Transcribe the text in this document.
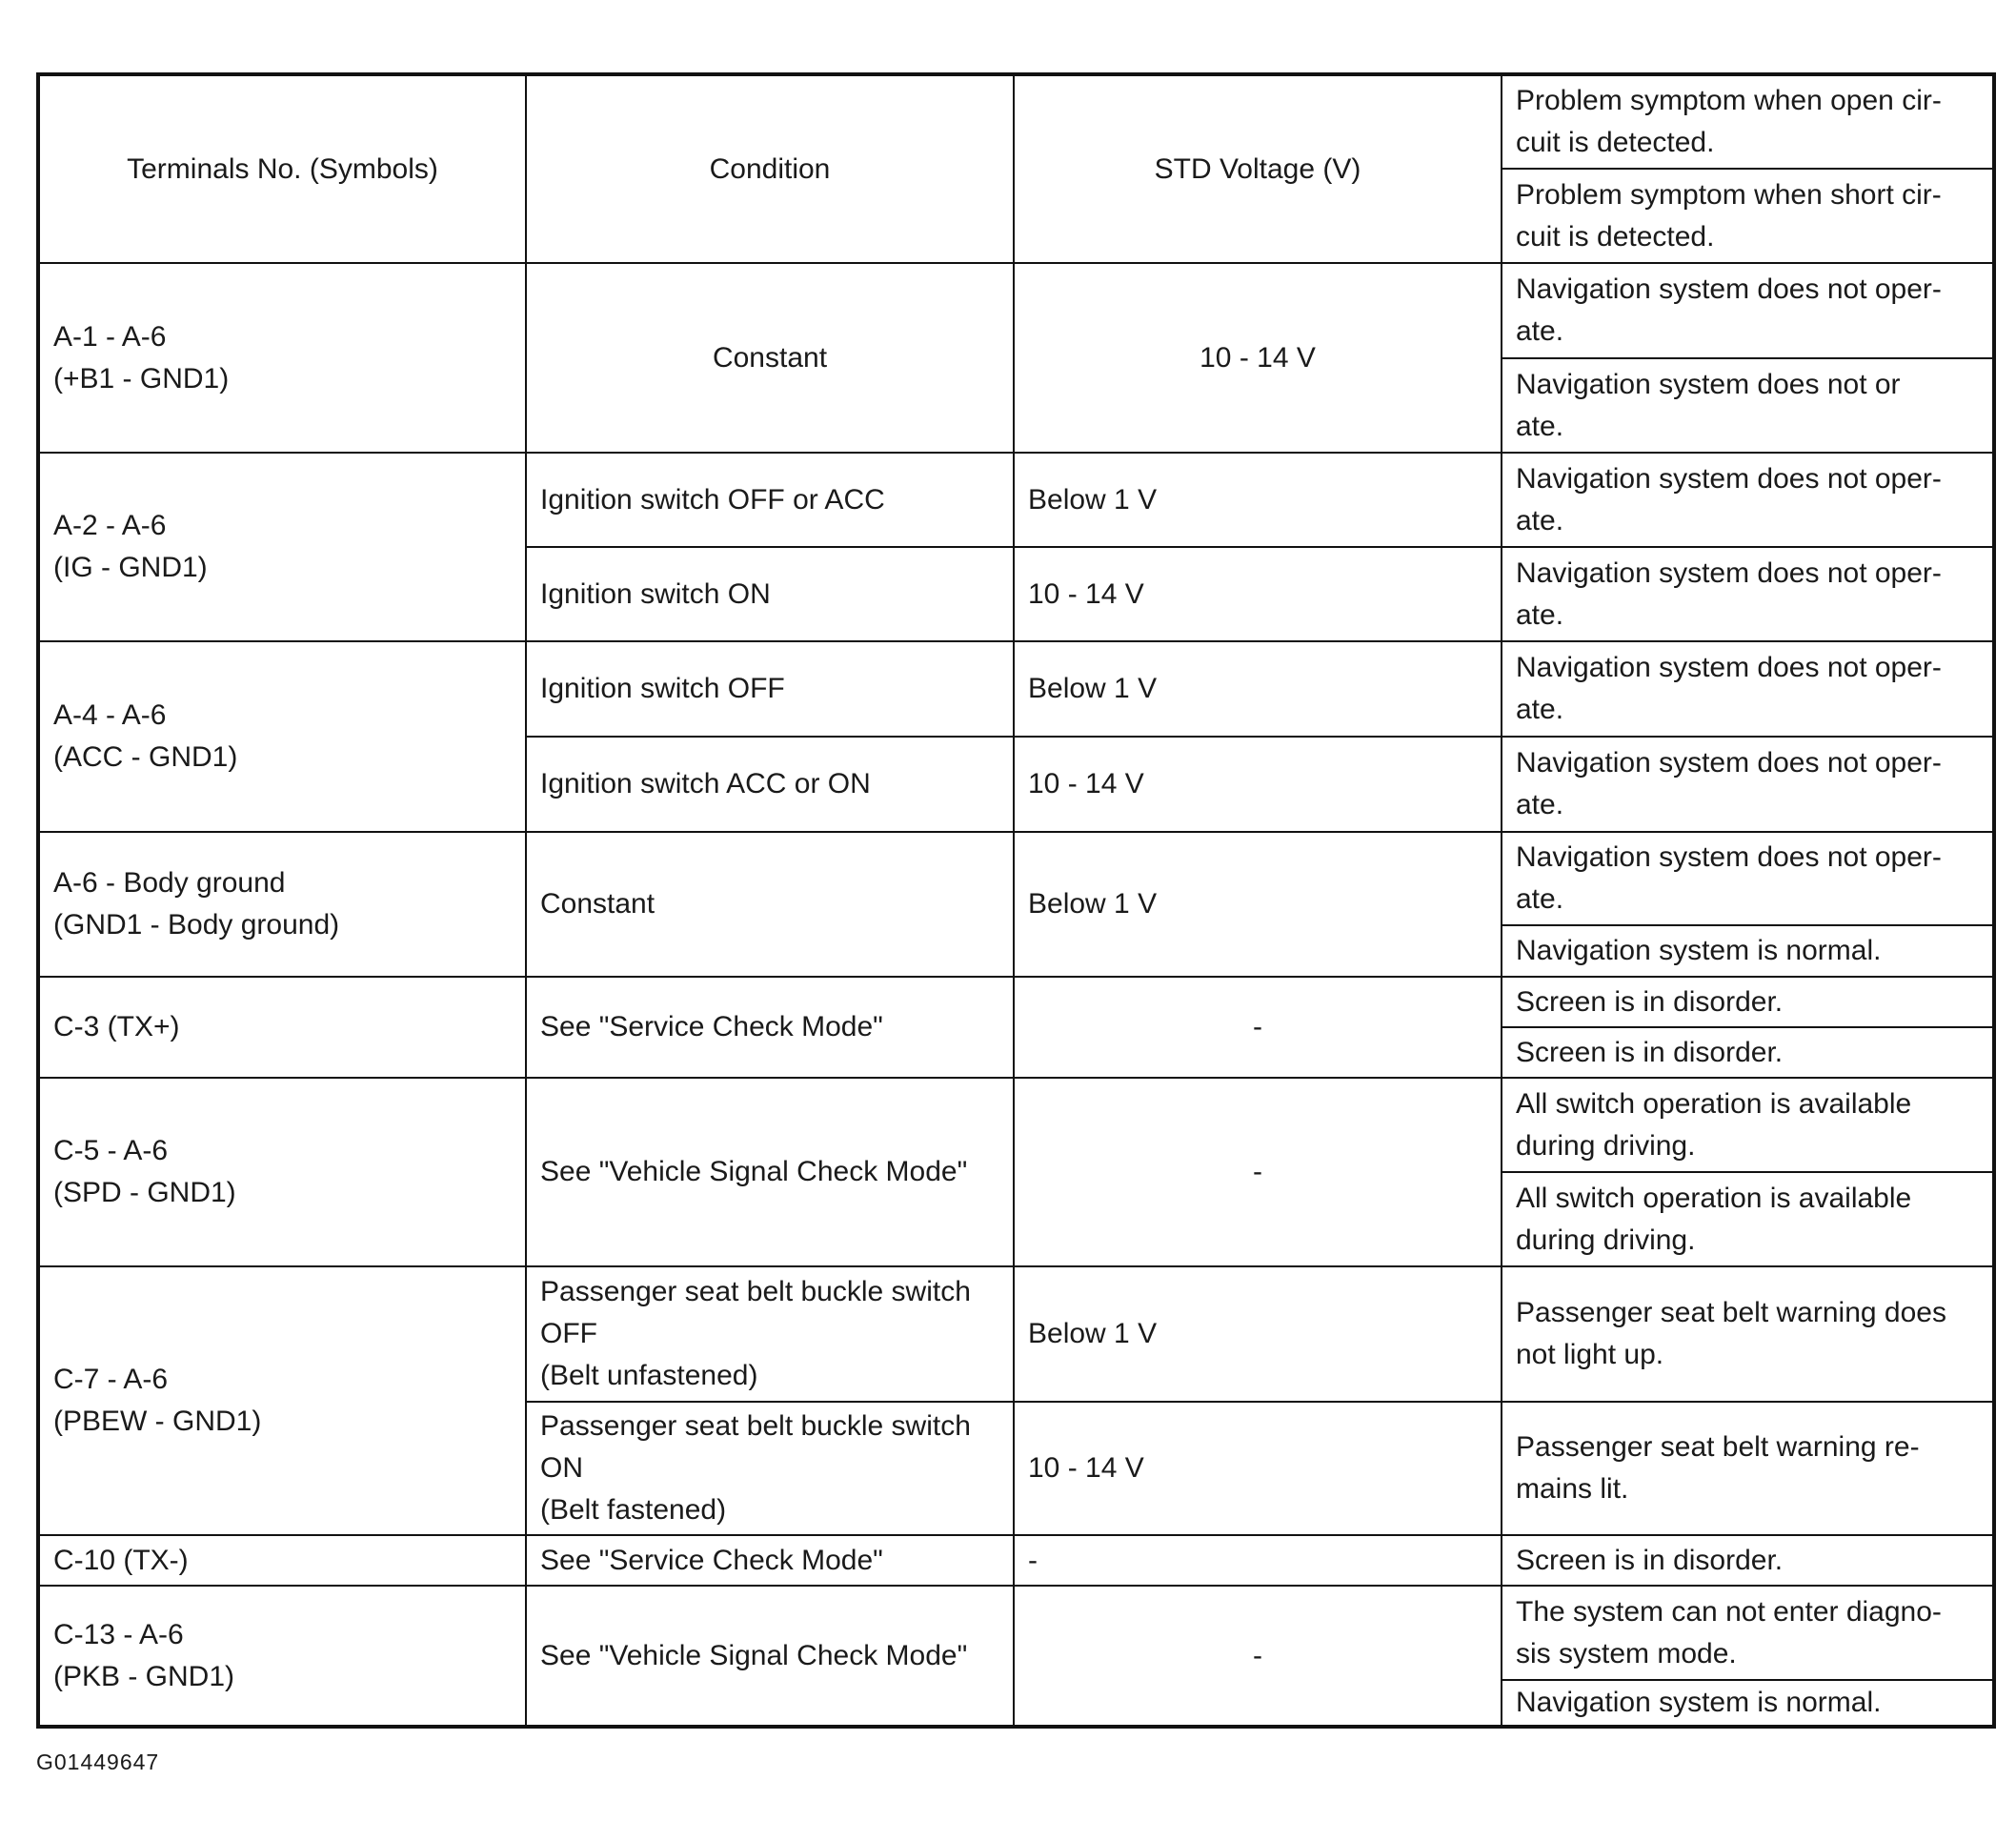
Terminals No. (Symbols)	Condition	STD Voltage (V)	Problem symptom when open cir-
cuit is detected.
			Problem symptom when short cir-
cuit is detected.
A-1 - A-6
(+B1 - GND1)	Constant	10 - 14 V	Navigation system does not oper-
ate.
			Navigation system does not or
ate.
A-2 - A-6
(IG - GND1)	Ignition switch OFF or ACC	Below 1 V	Navigation system does not oper-
ate.
	Ignition switch ON	10 - 14 V	Navigation system does not oper-
ate.
A-4 - A-6
(ACC - GND1)	Ignition switch OFF	Below 1 V	Navigation system does not oper-
ate.
	Ignition switch ACC or ON	10 - 14 V	Navigation system does not oper-
ate.
A-6 - Body ground
(GND1 - Body ground)	Constant	Below 1 V	Navigation system does not oper-
ate.
			Navigation system is normal.
C-3 (TX+)	See "Service Check Mode"	-	Screen is in disorder.
			Screen is in disorder.
C-5 - A-6
(SPD - GND1)	See "Vehicle Signal Check Mode"	-	All switch operation is available
during driving.
			All switch operation is available
during driving.
C-7 - A-6
(PBEW - GND1)	Passenger seat belt buckle switch
OFF
(Belt unfastened)	Below 1 V	Passenger seat belt warning does
not light up.
	Passenger seat belt buckle switch
ON
(Belt fastened)	10 - 14 V	Passenger seat belt warning re-
mains lit.
C-10 (TX-)	See "Service Check Mode"	-	Screen is in disorder.
C-13 - A-6
(PKB - GND1)	See "Vehicle Signal Check Mode"	-	The system can not enter diagno-
sis system mode.
			Navigation system is normal.
G01449647
